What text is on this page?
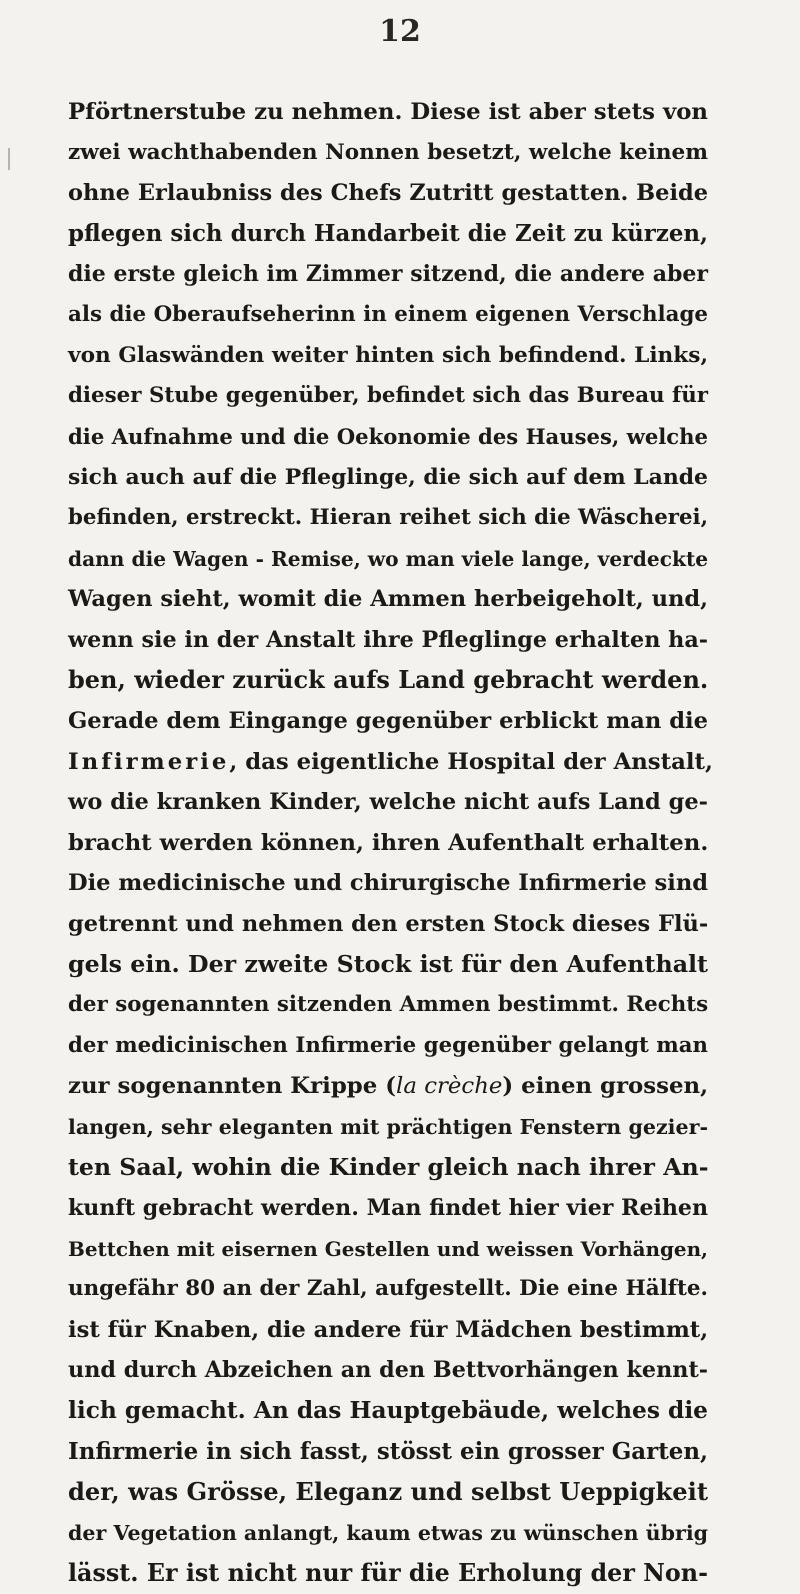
12
Pförtnerstube zu nehmen. Diese ist aber stets von
zwei wachthabenden Nonnen besetzt, welche keinem
ohne Erlaubniss des Chefs Zutritt gestatten. Beide
pflegen sich durch Handarbeit die Zeit zu kürzen,
die erste gleich im Zimmer sitzend, die andere aber
als die Oberaufseherinn in einem eigenen Verschlage
von Glaswänden weiter hinten sich befindend. Links,
dieser Stube gegenüber, befindet sich das Bureau für
die Aufnahme und die Oekonomie des Hauses, welche
sich auch auf die Pfleglinge, die sich auf dem Lande
befinden, erstreckt. Hieran reihet sich die Wäscherei,
dann die Wagen - Remise, wo man viele lange, verdeckte
Wagen sieht, womit die Ammen herbeigeholt, und,
wenn sie in der Anstalt ihre Pfleglinge erhalten ha-
ben, wieder zurück aufs Land gebracht werden.
Gerade dem Eingange gegenüber erblickt man die
Infirmerie, das eigentliche Hospital der Anstalt,
wo die kranken Kinder, welche nicht aufs Land ge-
bracht werden können, ihren Aufenthalt erhalten.
Die medicinische und chirurgische Infirmerie sind
getrennt und nehmen den ersten Stock dieses Flü-
gels ein. Der zweite Stock ist für den Aufenthalt
der sogenannten sitzenden Ammen bestimmt. Rechts
der medicinischen Infirmerie gegenüber gelangt man
zur sogenannten Krippe (la crèche) einen grossen,
langen, sehr eleganten mit prächtigen Fenstern gezier-
ten Saal, wohin die Kinder gleich nach ihrer An-
kunft gebracht werden. Man findet hier vier Reihen
Bettchen mit eisernen Gestellen und weissen Vorhängen,
ungefähr 80 an der Zahl, aufgestellt. Die eine Hälfte.
ist für Knaben, die andere für Mädchen bestimmt,
und durch Abzeichen an den Bettvorhängen kennt-
lich gemacht. An das Hauptgebäude, welches die
Infirmerie in sich fasst, stösst ein grosser Garten,
der, was Grösse, Eleganz und selbst Ueppigkeit
der Vegetation anlangt, kaum etwas zu wünschen übrig
lässt. Er ist nicht nur für die Erholung der Non-
